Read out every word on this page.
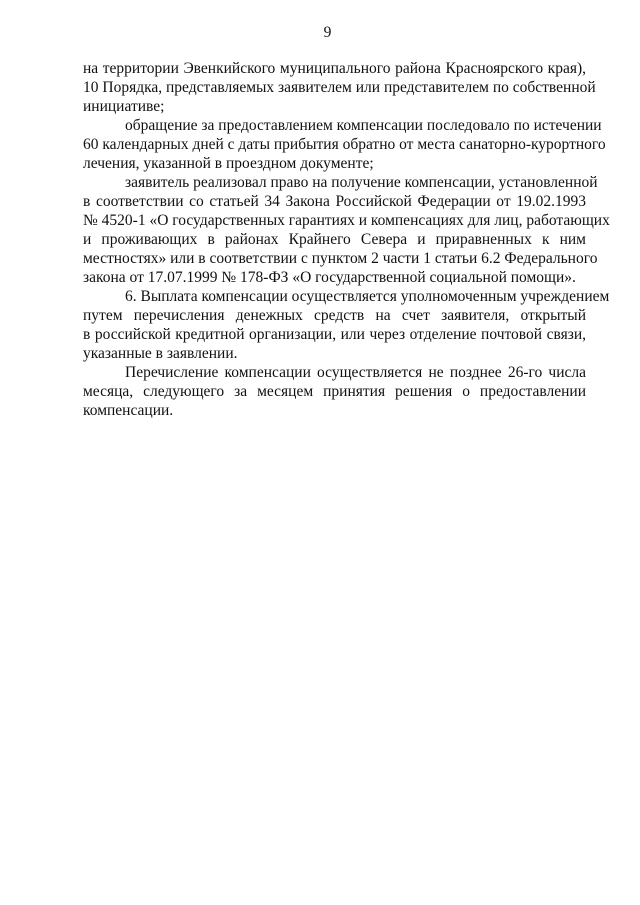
9
на территории Эвенкийского муниципального района Красноярского края),
10 Порядка, представляемых заявителем или представителем по собственной
инициативе;
обращение за предоставлением компенсации последовало по истечении
60 календарных дней с даты прибытия обратно от места санаторно-курортного
лечения, указанной в проездном документе;
заявитель реализовал право на получение компенсации, установленной
в соответствии со статьей 34 Закона Российской Федерации от 19.02.1993
№ 4520-1 «О государственных гарантиях и компенсациях для лиц, работающих
и проживающих в районах Крайнего Севера и приравненных к ним
местностях» или в соответствии с пунктом 2 части 1 статьи 6.2 Федерального
закона от 17.07.1999 № 178-ФЗ «О государственной социальной помощи».
6. Выплата компенсации осуществляется уполномоченным учреждением
путем перечисления денежных средств на счет заявителя, открытый
в российской кредитной организации, или через отделение почтовой связи,
указанные в заявлении.
Перечисление компенсации осуществляется не позднее 26-го числа
месяца, следующего за месяцем принятия решения о предоставлении
компенсации.
